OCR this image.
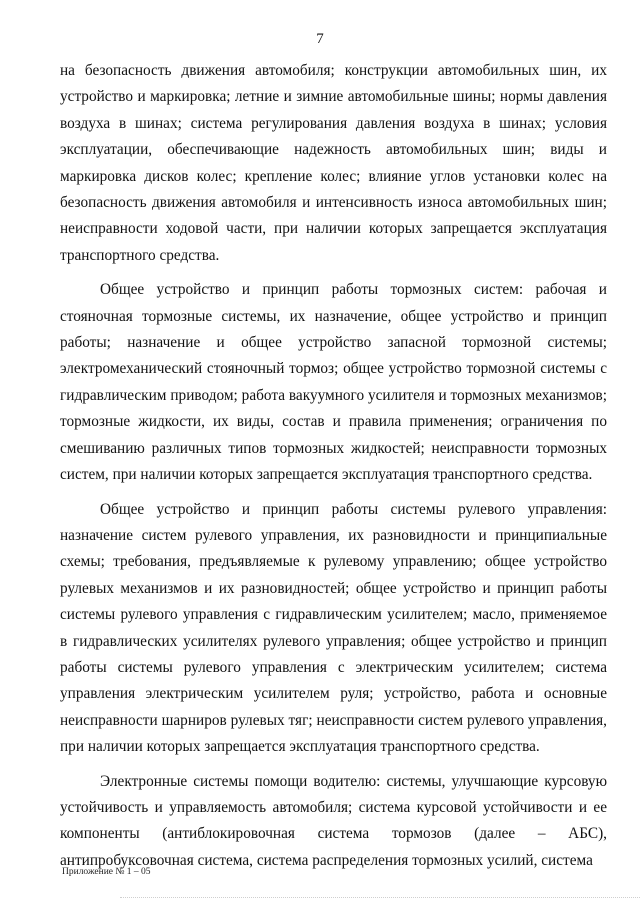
7

на безопасность движения автомобиля; конструкции автомобильных шин, их устройство и маркировка; летние и зимние автомобильные шины; нормы давления воздуха в шинах; система регулирования давления воздуха в шинах; условия эксплуатации, обеспечивающие надежность автомобильных шин; виды и маркировка дисков колес; крепление колес; влияние углов установки колес на безопасность движения автомобиля и интенсивность износа автомобильных шин; неисправности ходовой части, при наличии которых запрещается эксплуатация транспортного средства.

Общее устройство и принцип работы тормозных систем: рабочая и стояночная тормозные системы, их назначение, общее устройство и принцип работы; назначение и общее устройство запасной тормозной системы; электромеханический стояночный тормоз; общее устройство тормозной системы с гидравлическим приводом; работа вакуумного усилителя и тормозных механизмов; тормозные жидкости, их виды, состав и правила применения; ограничения по смешиванию различных типов тормозных жидкостей; неисправности тормозных систем, при наличии которых запрещается эксплуатация транспортного средства.

Общее устройство и принцип работы системы рулевого управления: назначение систем рулевого управления, их разновидности и принципиальные схемы; требования, предъявляемые к рулевому управлению; общее устройство рулевых механизмов и их разновидностей; общее устройство и принцип работы системы рулевого управления с гидравлическим усилителем; масло, применяемое в гидравлических усилителях рулевого управления; общее устройство и принцип работы системы рулевого управления с электрическим усилителем; система управления электрическим усилителем руля; устройство, работа и основные неисправности шарниров рулевых тяг; неисправности систем рулевого управления, при наличии которых запрещается эксплуатация транспортного средства.

Электронные системы помощи водителю: системы, улучшающие курсовую устойчивость и управляемость автомобиля; система курсовой устойчивости и ее компоненты (антиблокировочная система тормозов (далее – АБС), антипробуксовочная система, система распределения тормозных усилий, система

Приложение № 1 – 05
